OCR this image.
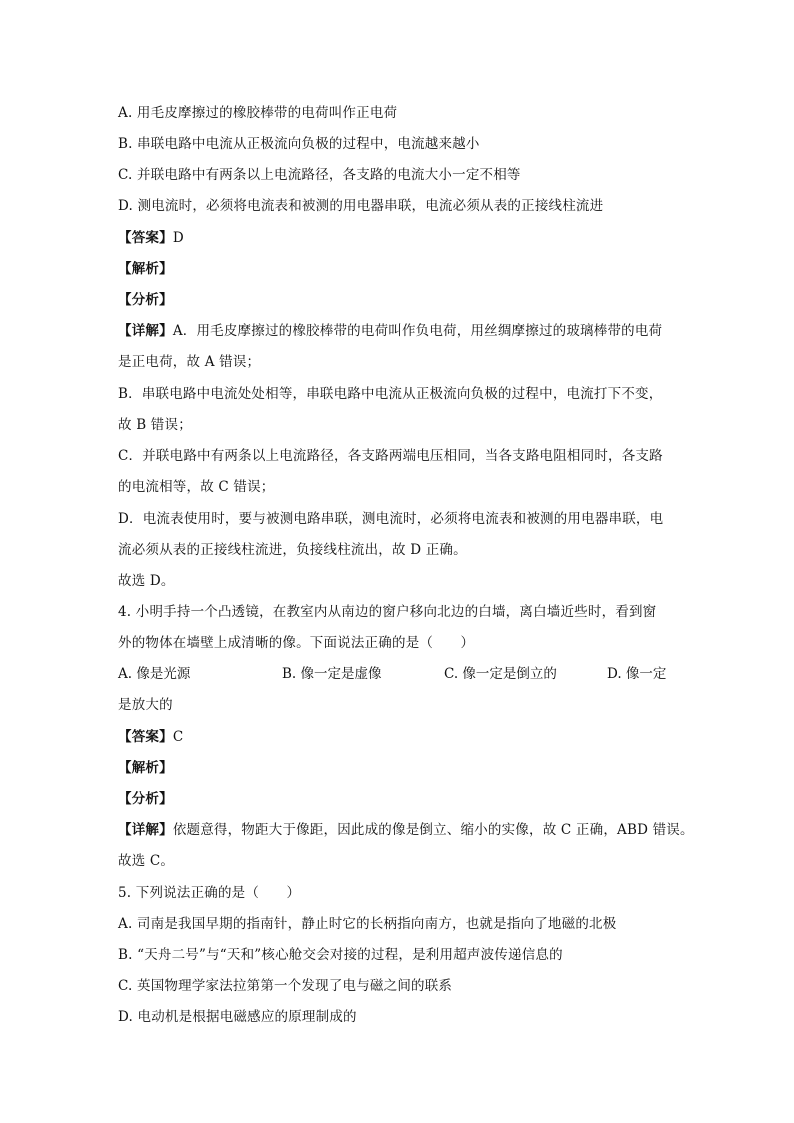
A. 用毛皮摩擦过的橡胶棒带的电荷叫作正电荷
B. 串联电路中电流从正极流向负极的过程中，电流越来越小
C. 并联电路中有两条以上电流路径，各支路的电流大小一定不相等
D. 测电流时，必须将电流表和被测的用电器串联，电流必须从表的正接线柱流进
【答案】D
【解析】
【分析】
【详解】A．用毛皮摩擦过的橡胶棒带的电荷叫作负电荷，用丝绸摩擦过的玻璃棒带的电荷
是正电荷，故 A 错误；
B．串联电路中电流处处相等，串联电路中电流从正极流向负极的过程中，电流打下不变，
故 B 错误；
C．并联电路中有两条以上电流路径，各支路两端电压相同，当各支路电阻相同时，各支路
的电流相等，故 C 错误；
D．电流表使用时，要与被测电路串联，测电流时，必须将电流表和被测的用电器串联，电
流必须从表的正接线柱流进，负接线柱流出，故 D 正确。
故选 D。
4. 小明手持一个凸透镜，在教室内从南边的窗户移向北边的白墙，离白墙近些时，看到窗
外的物体在墙壁上成清晰的像。下面说法正确的是（　　）
A. 像是光源	B. 像一定是虚像	C. 像一定是倒立的	D. 像一定
是放大的
【答案】C
【解析】
【分析】
【详解】依题意得，物距大于像距，因此成的像是倒立、缩小的实像，故 C 正确，ABD 错误。
故选 C。
5. 下列说法正确的是（　　）
A. 司南是我国早期的指南针，静止时它的长柄指向南方，也就是指向了地磁的北极
B. “天舟二号”与“天和”核心舱交会对接的过程，是利用超声波传递信息的
C. 英国物理学家法拉第第一个发现了电与磁之间的联系
D. 电动机是根据电磁感应的原理制成的
